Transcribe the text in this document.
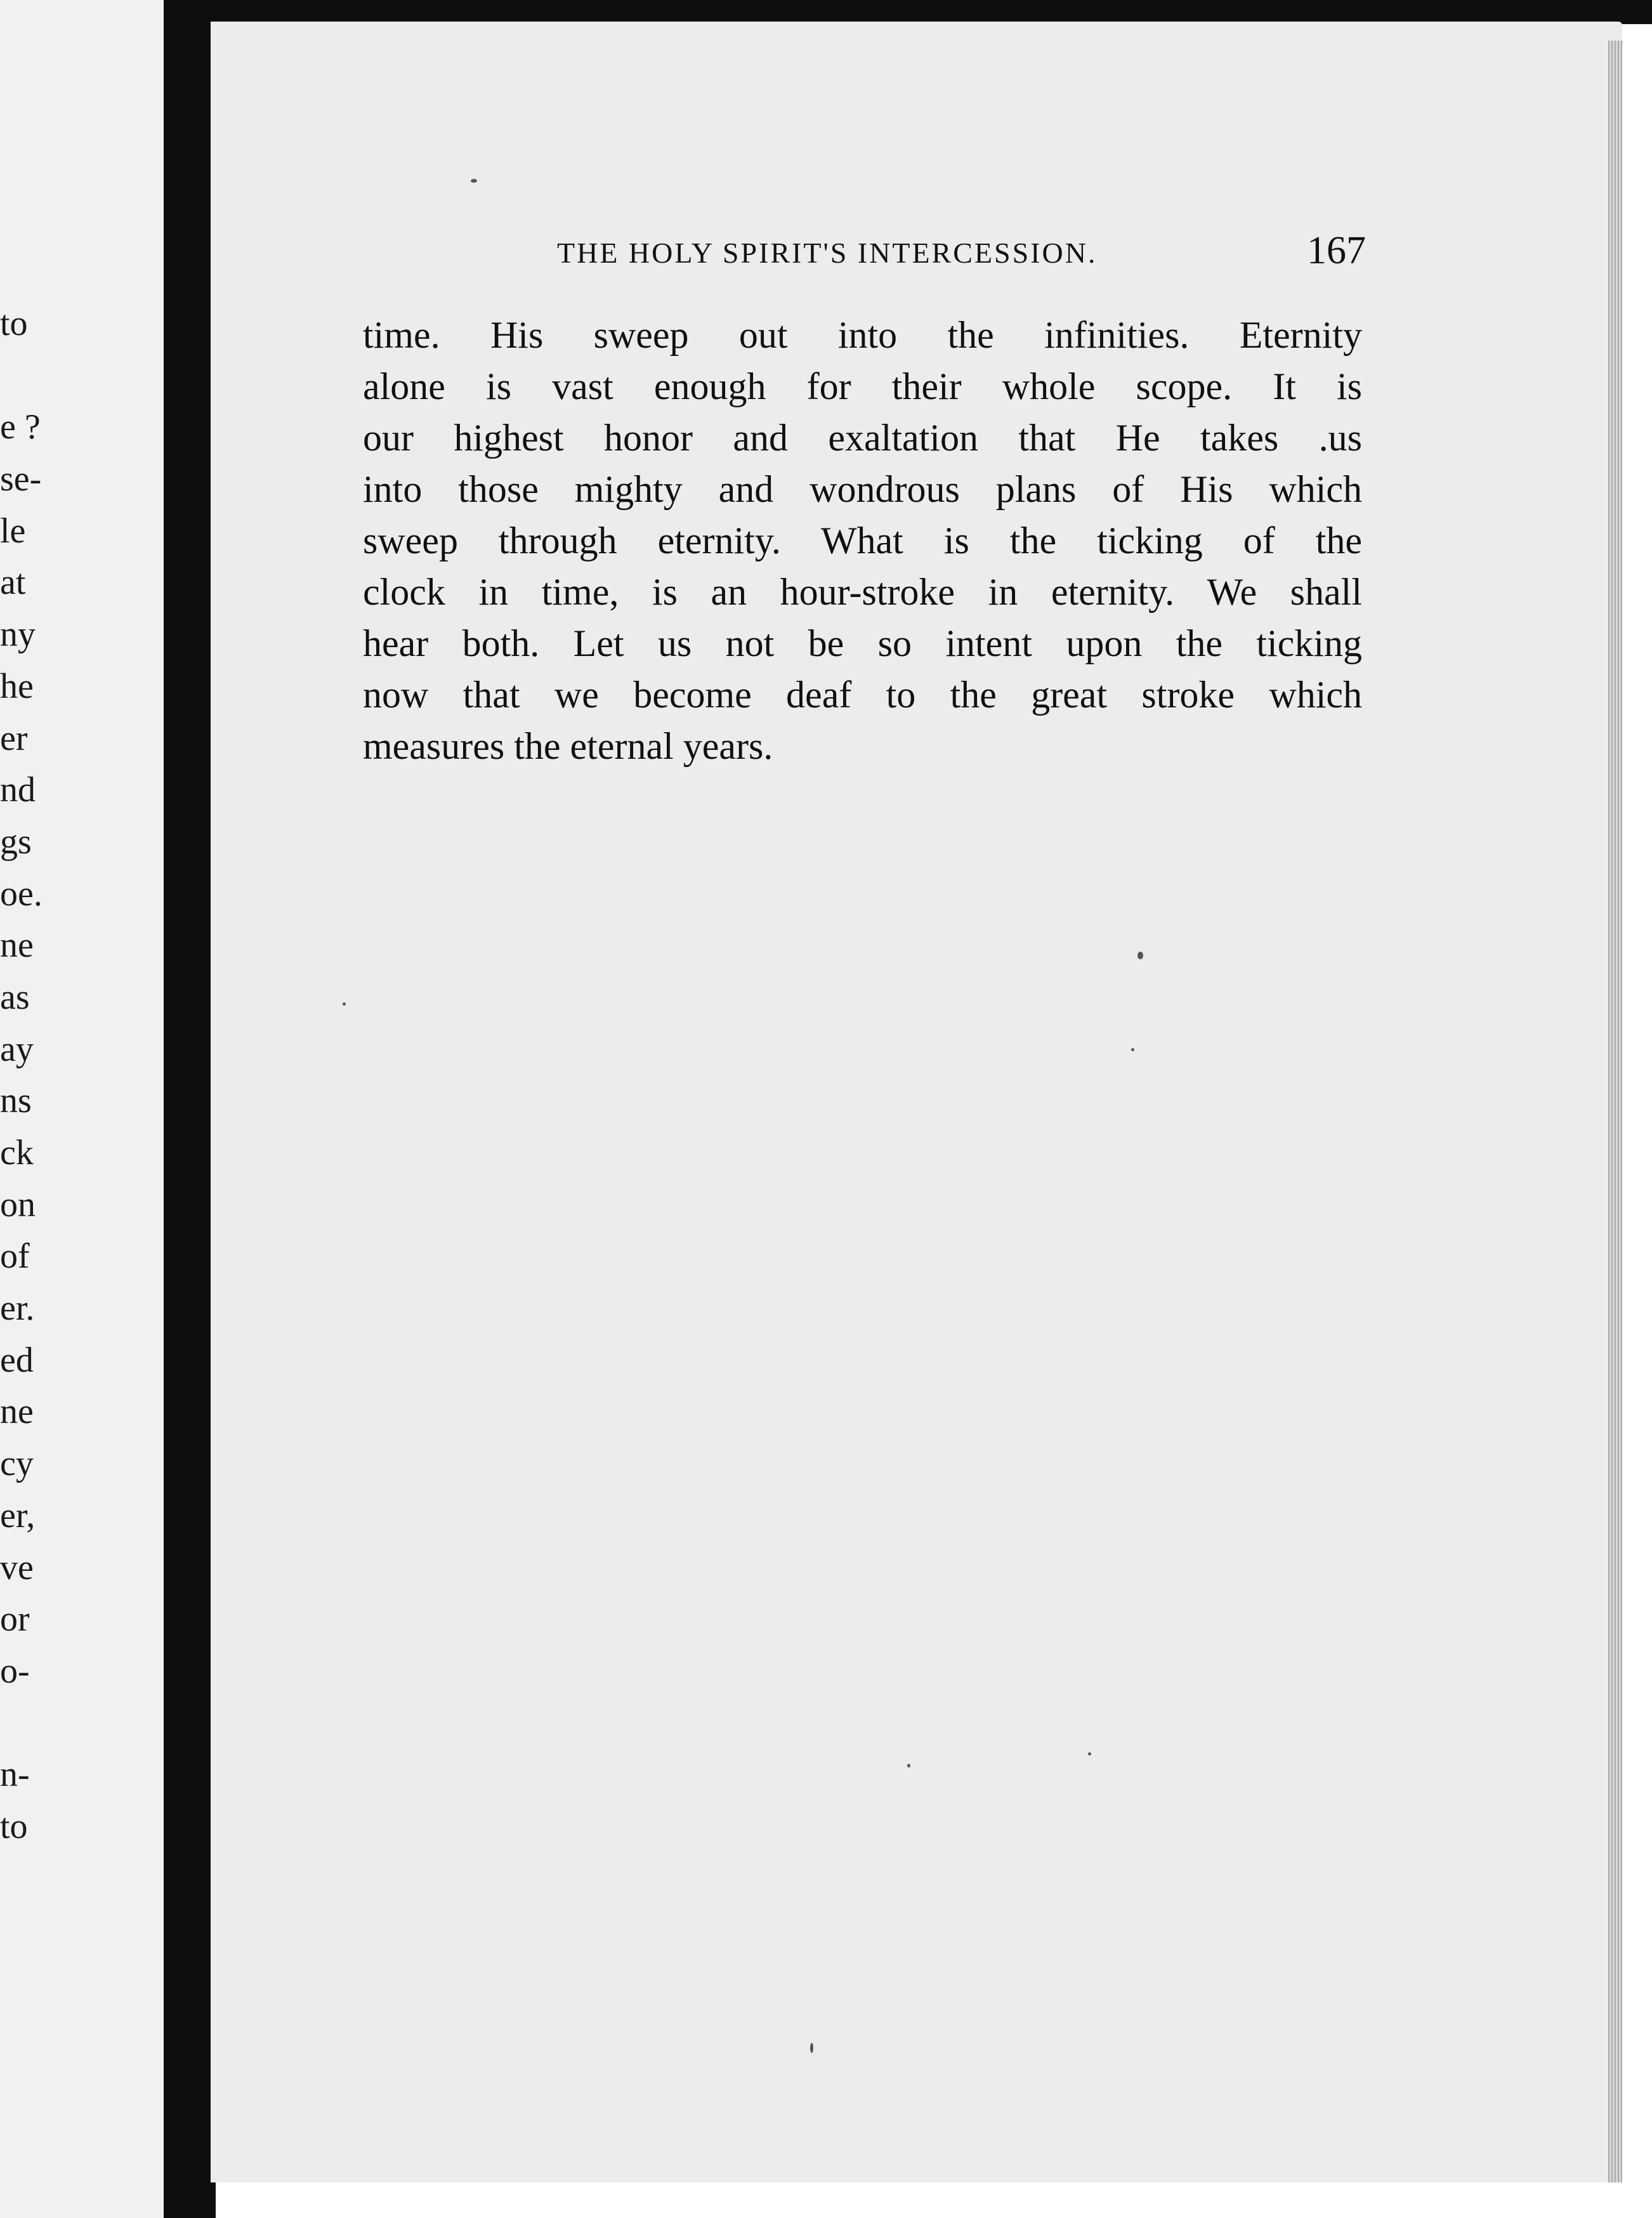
to
e ?
se-
le
at
ny
he
er
nd
gs
oe.
ne
as
ay
ns
ck
on
of
er.
ed
ne
cy
er,
ve
or
o-
n-
to
THE HOLY SPIRIT'S INTERCESSION.	167
time. His sweep out into the infinities. Eternity
alone is vast enough for their whole scope. It is
our highest honor and exaltation that He takes .us
into those mighty and wondrous plans of His which
sweep through eternity. What is the ticking of the
clock in time, is an hour-stroke in eternity. We shall
hear both. Let us not be so intent upon the ticking
now that we become deaf to the great stroke which
measures the eternal years.
